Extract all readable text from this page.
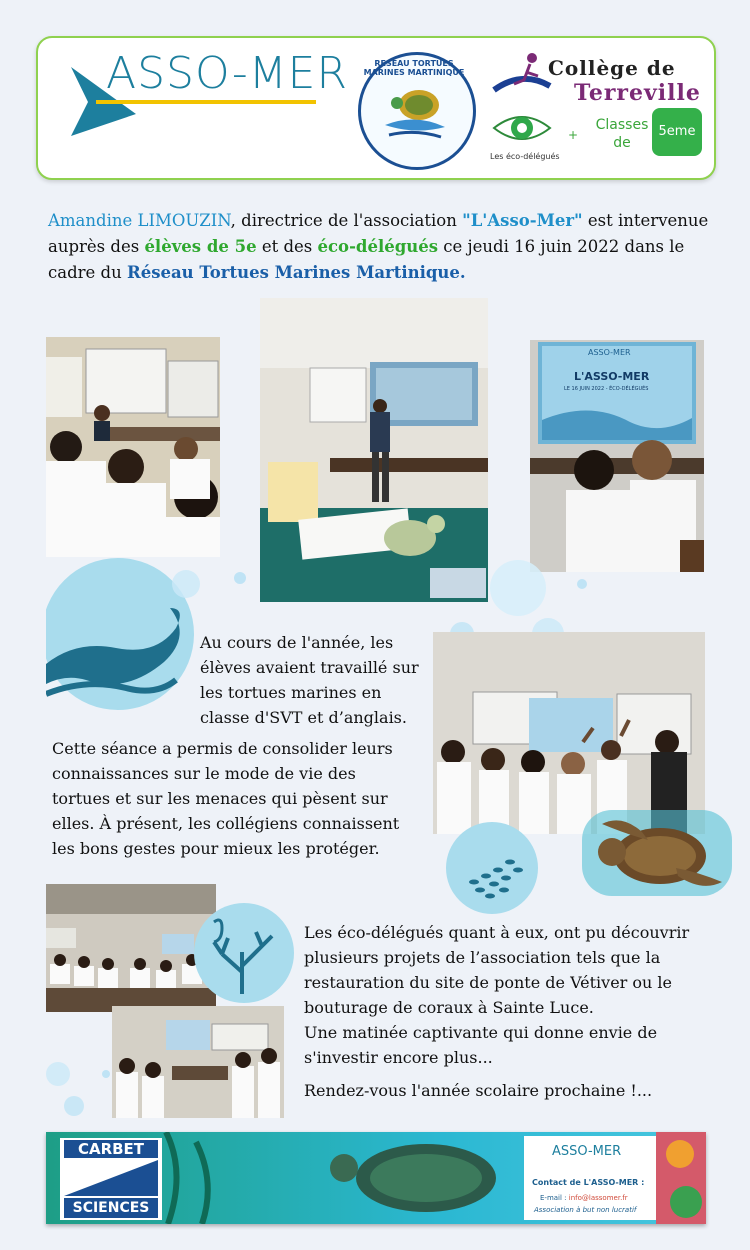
ASSO-MER	RESEAU TORTUES MARINES MARTINIQUE	Collège de
Terreville
Les éco-délégués
+
Classes
de
5eme
Amandine LIMOUZIN, directrice de l'association "L'Asso-Mer" est intervenue auprès des élèves de 5e et des éco-délégués ce jeudi 16 juin 2022 dans le cadre du Réseau Tortues Marines Martinique.
ASSO-MER
L'ASSO-MER
LE 16 JUIN 2022 - ÉCO-DÉLÉGUÉS
Au cours de l'année, les élèves avaient travaillé sur les tortues marines en classe d'SVT et d’anglais.
Cette séance a permis de consolider leurs connaissances sur le mode de vie des tortues et sur les menaces qui pèsent sur elles. À présent, les collégiens connaissent les bons gestes pour mieux les protéger.
Les éco-délégués quant à eux, ont pu découvrir plusieurs projets de l’association tels que la restauration du site de ponte de Vétiver ou le bouturage de coraux à Sainte Luce.
Une matinée captivante qui donne envie de s'investir encore plus...
Rendez-vous l'année scolaire prochaine !...
CARBET
SCIENCES
ASSO-MER
Contact de L'ASSO-MER :
E-mail : info@lassomer.fr
Association à but non lucratif
